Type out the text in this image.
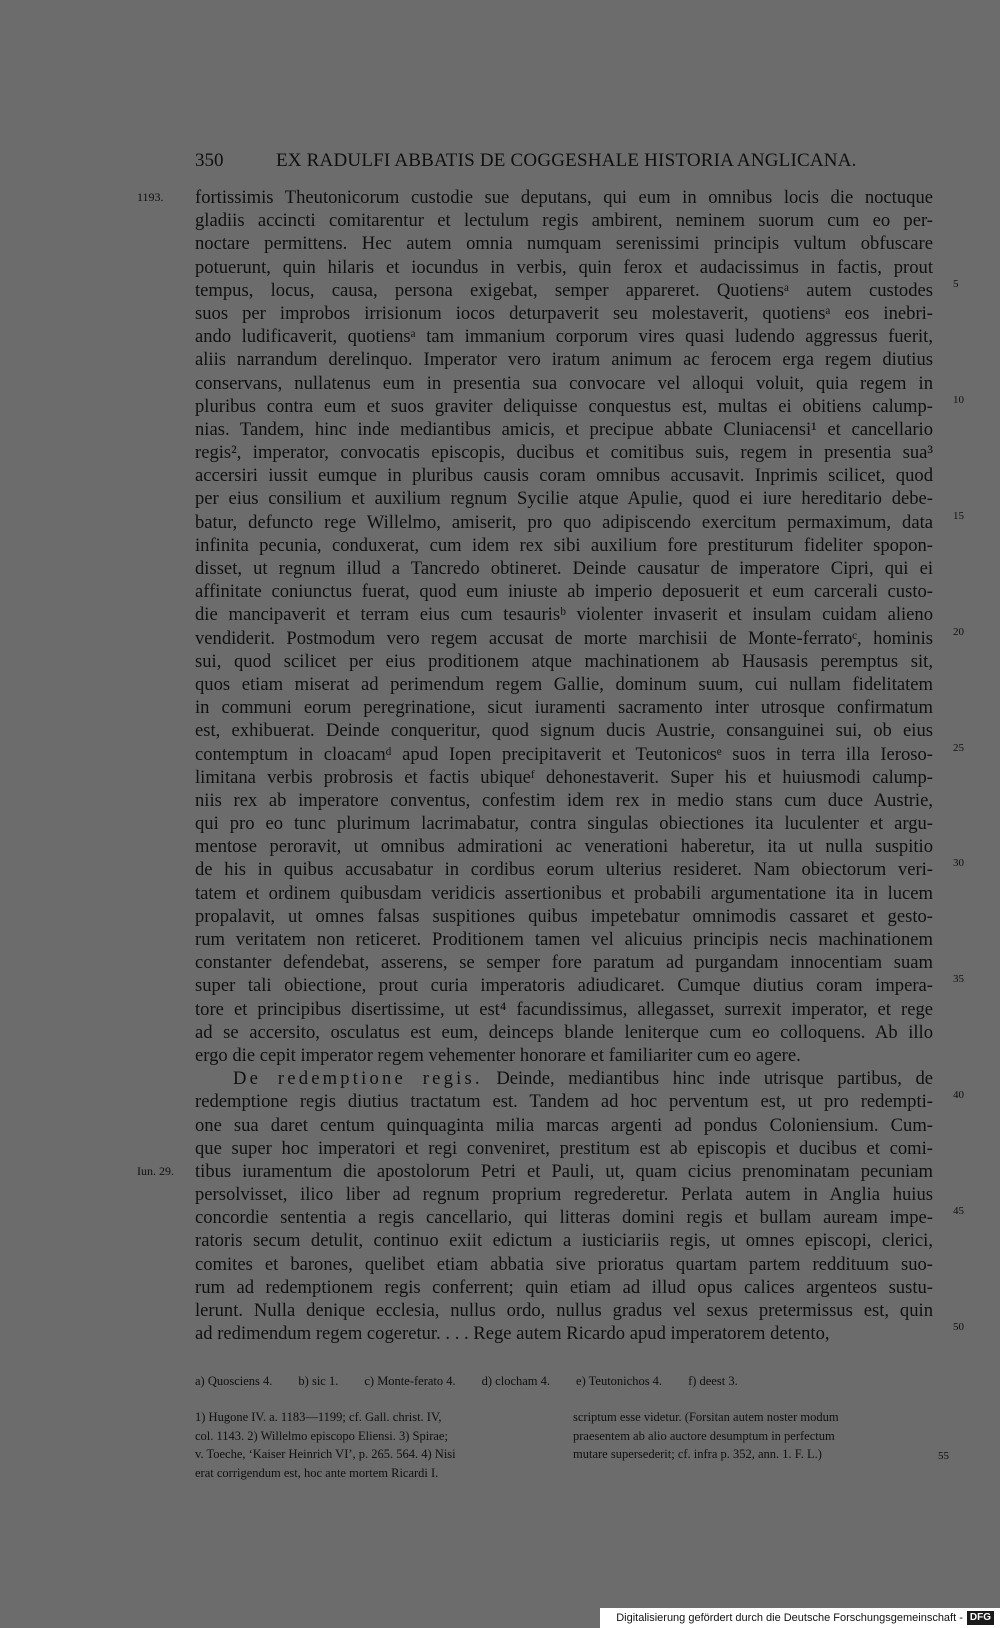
350	EX RADULFI ABBATIS DE COGGESHALE HISTORIA ANGLICANA.
1193. fortissimis Theutonicorum custodie sue deputans, qui eum in omnibus locis die noctuque
gladiis accincti comitarentur et lectulum regis ambirent, neminem suorum cum eo per-
noctare permittens. Hec autem omnia numquam serenissimi principis vultum obfuscare
potuerunt, quin hilaris et iocundus in verbis, quin ferox et audacissimus in factis, prout
tempus, locus, causa, persona exigebat, semper appareret. Quotiensᵃ autem custodes 5
suos per improbos irrisionum iocos deturpaverit seu molestaverit, quotiensᵃ eos inebri-
ando ludificaverit, quotiensᵃ tam immanium corporum vires quasi ludendo aggressus fuerit,
aliis narrandum derelinquo. Imperator vero iratum animum ac ferocem erga regem diutius
conservans, nullatenus eum in presentia sua convocare vel alloqui voluit, quia regem in
pluribus contra eum et suos graviter deliquisse conquestus est, multas ei obitiens calump- 10
nias. Tandem, hinc inde mediantibus amicis, et precipue abbate Cluniacensi¹ et cancellario
regis², imperator, convocatis episcopis, ducibus et comitibus suis, regem in presentia sua³
accersiri iussit eumque in pluribus causis coram omnibus accusavit. Inprimis scilicet, quod
per eius consilium et auxilium regnum Sycilie atque Apulie, quod ei iure hereditario debe-
batur, defuncto rege Willelmo, amiserit, pro quo adipiscendo exercitum permaximum, data 15
infinita pecunia, conduxerat, cum idem rex sibi auxilium fore prestiturum fideliter spopon-
disset, ut regnum illud a Tancredo obtineret. Deinde causatur de imperatore Cipri, qui ei
affinitate coniunctus fuerat, quod eum iniuste ab imperio deposuerit et eum carcerali custo-
die mancipaverit et terram eius cum tesaurisᵇ violenter invaserit et insulam cuidam alieno
vendiderit. Postmodum vero regem accusat de morte marchisii de Monte-ferratoᶜ, hominis 20
sui, quod scilicet per eius proditionem atque machinationem ab Hausasis peremptus sit,
quos etiam miserat ad perimendum regem Gallie, dominum suum, cui nullam fidelitatem
in communi eorum peregrinatione, sicut iuramenti sacramento inter utrosque confirmatum
est, exhibuerat. Deinde conqueritur, quod signum ducis Austrie, consanguinei sui, ob eius
contemptum in cloacamᵈ apud Iopen precipitaverit et Teutonicosᵉ suos in terra illa Ieroso- 25
limitana verbis probrosis et factis ubiqueᶠ dehonestaverit. Super his et huiusmodi calump-
niis rex ab imperatore conventus, confestim idem rex in medio stans cum duce Austrie,
qui pro eo tunc plurimum lacrimabatur, contra singulas obiectiones ita luculenter et argu-
mentose peroravit, ut omnibus admirationi ac venerationi haberetur, ita ut nulla suspitio
de his in quibus accusabatur in cordibus eorum ulterius resideret. Nam obiectorum veri- 30
tatem et ordinem quibusdam veridicis assertionibus et probabili argumentatione ita in lucem
propalavit, ut omnes falsas suspitiones quibus impetebatur omnimodis cassaret et gesto-
rum veritatem non reticeret. Proditionem tamen vel alicuius principis necis machinationem
constanter defendebat, asserens, se semper fore paratum ad purgandam innocentiam suam
super tali obiectione, prout curia imperatoris adiudicaret. Cumque diutius coram impera- 35
tore et principibus disertissime, ut est⁴ facundissimus, allegasset, surrexit imperator, et rege
ad se accersito, osculatus est eum, deinceps blande leniterque cum eo colloquens. Ab illo
ergo die cepit imperator regem vehementer honorare et familiariter cum eo agere.
De redemptione regis. Deinde, mediantibus hinc inde utrisque partibus, de
redemptione regis diutius tractatum est. Tandem ad hoc perventum est, ut pro redempti- 40
one sua daret centum quinquaginta milia marcas argenti ad pondus Coloniensium. Cum-
que super hoc imperatori et regi conveniret, prestitum est ab episcopis et ducibus et comi-
Iun. 29. tibus iuramentum die apostolorum Petri et Pauli, ut, quam cicius prenominatam pecuniam
persolvisset, ilico liber ad regnum proprium regrederetur. Perlata autem in Anglia huius
concordie sententia a regis cancellario, qui litteras domini regis et bullam auream impe- 45
ratoris secum detulit, continuo exiit edictum a iusticiariis regis, ut omnes episcopi, clerici,
comites et barones, quelibet etiam abbatia sive prioratus quartam partem reddituum suo-
rum ad redemptionem regis conferrent; quin etiam ad illud opus calices argenteos sustu-
lerunt. Nulla denique ecclesia, nullus ordo, nullus gradus vel sexus pretermissus est, quin
ad redimendum regem cogeretur. . . . Rege autem Ricardo apud imperatorem detento,	50
a) Quosciens 4. b) sic 1. c) Monte-ferato 4. d) clocham 4. e) Teutonichos 4. f) deest 3.
1) Hugone IV. a. 1183—1199; cf. Gall. christ. IV,
col. 1143. 2) Willelmo episcopo Eliensi. 3) Spirae;
v. Toeche, ‘Kaiser Heinrich VI’, p. 265. 564. 4) Nisi
erat corrigendum est, hoc ante mortem Ricardi I.
scriptum esse videtur. (Forsitan autem noster modum
praesentem ab alio auctore desumptum in perfectum
mutare supersederit; cf. infra p. 352, ann. 1. F. L.)	55
Digitalisierung gefördert durch die Deutsche Forschungsgemeinschaft - DFG
